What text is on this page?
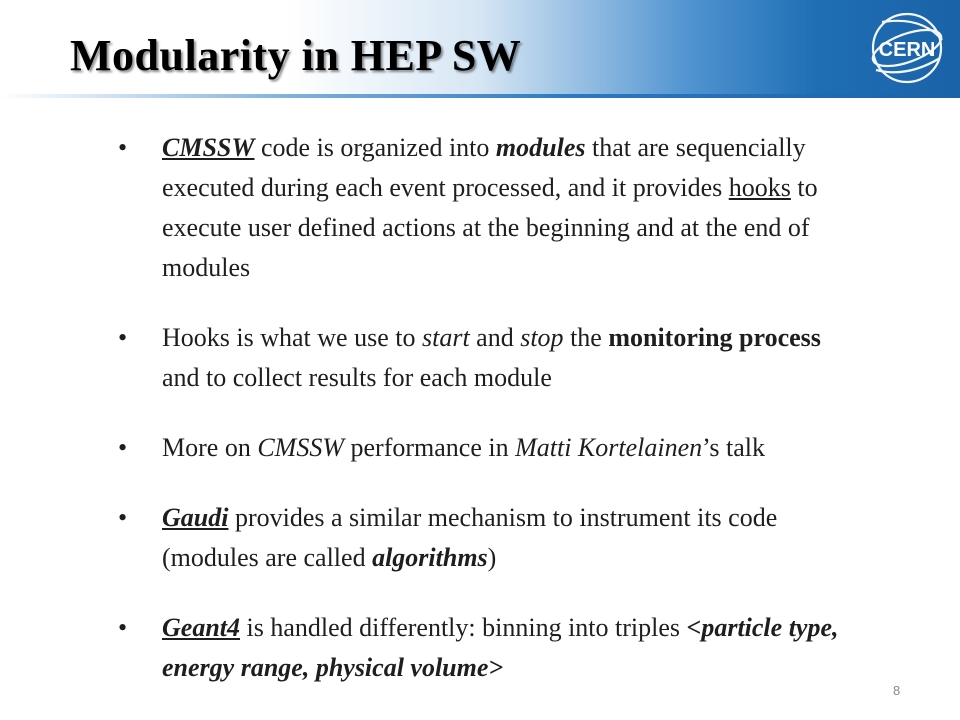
Modularity in HEP SW	CERN
• CMSSW code is organized into modules that are sequencially executed during each event processed, and it provides hooks to execute user defined actions at the beginning and at the end of modules
• Hooks is what we use to start and stop the monitoring process and to collect results for each module
• More on CMSSW performance in Matti Kortelainen’s talk
• Gaudi provides a similar mechanism to instrument its code (modules are called algorithms)
• Geant4 is handled differently: binning into triples <particle type, energy range, physical volume>
8
